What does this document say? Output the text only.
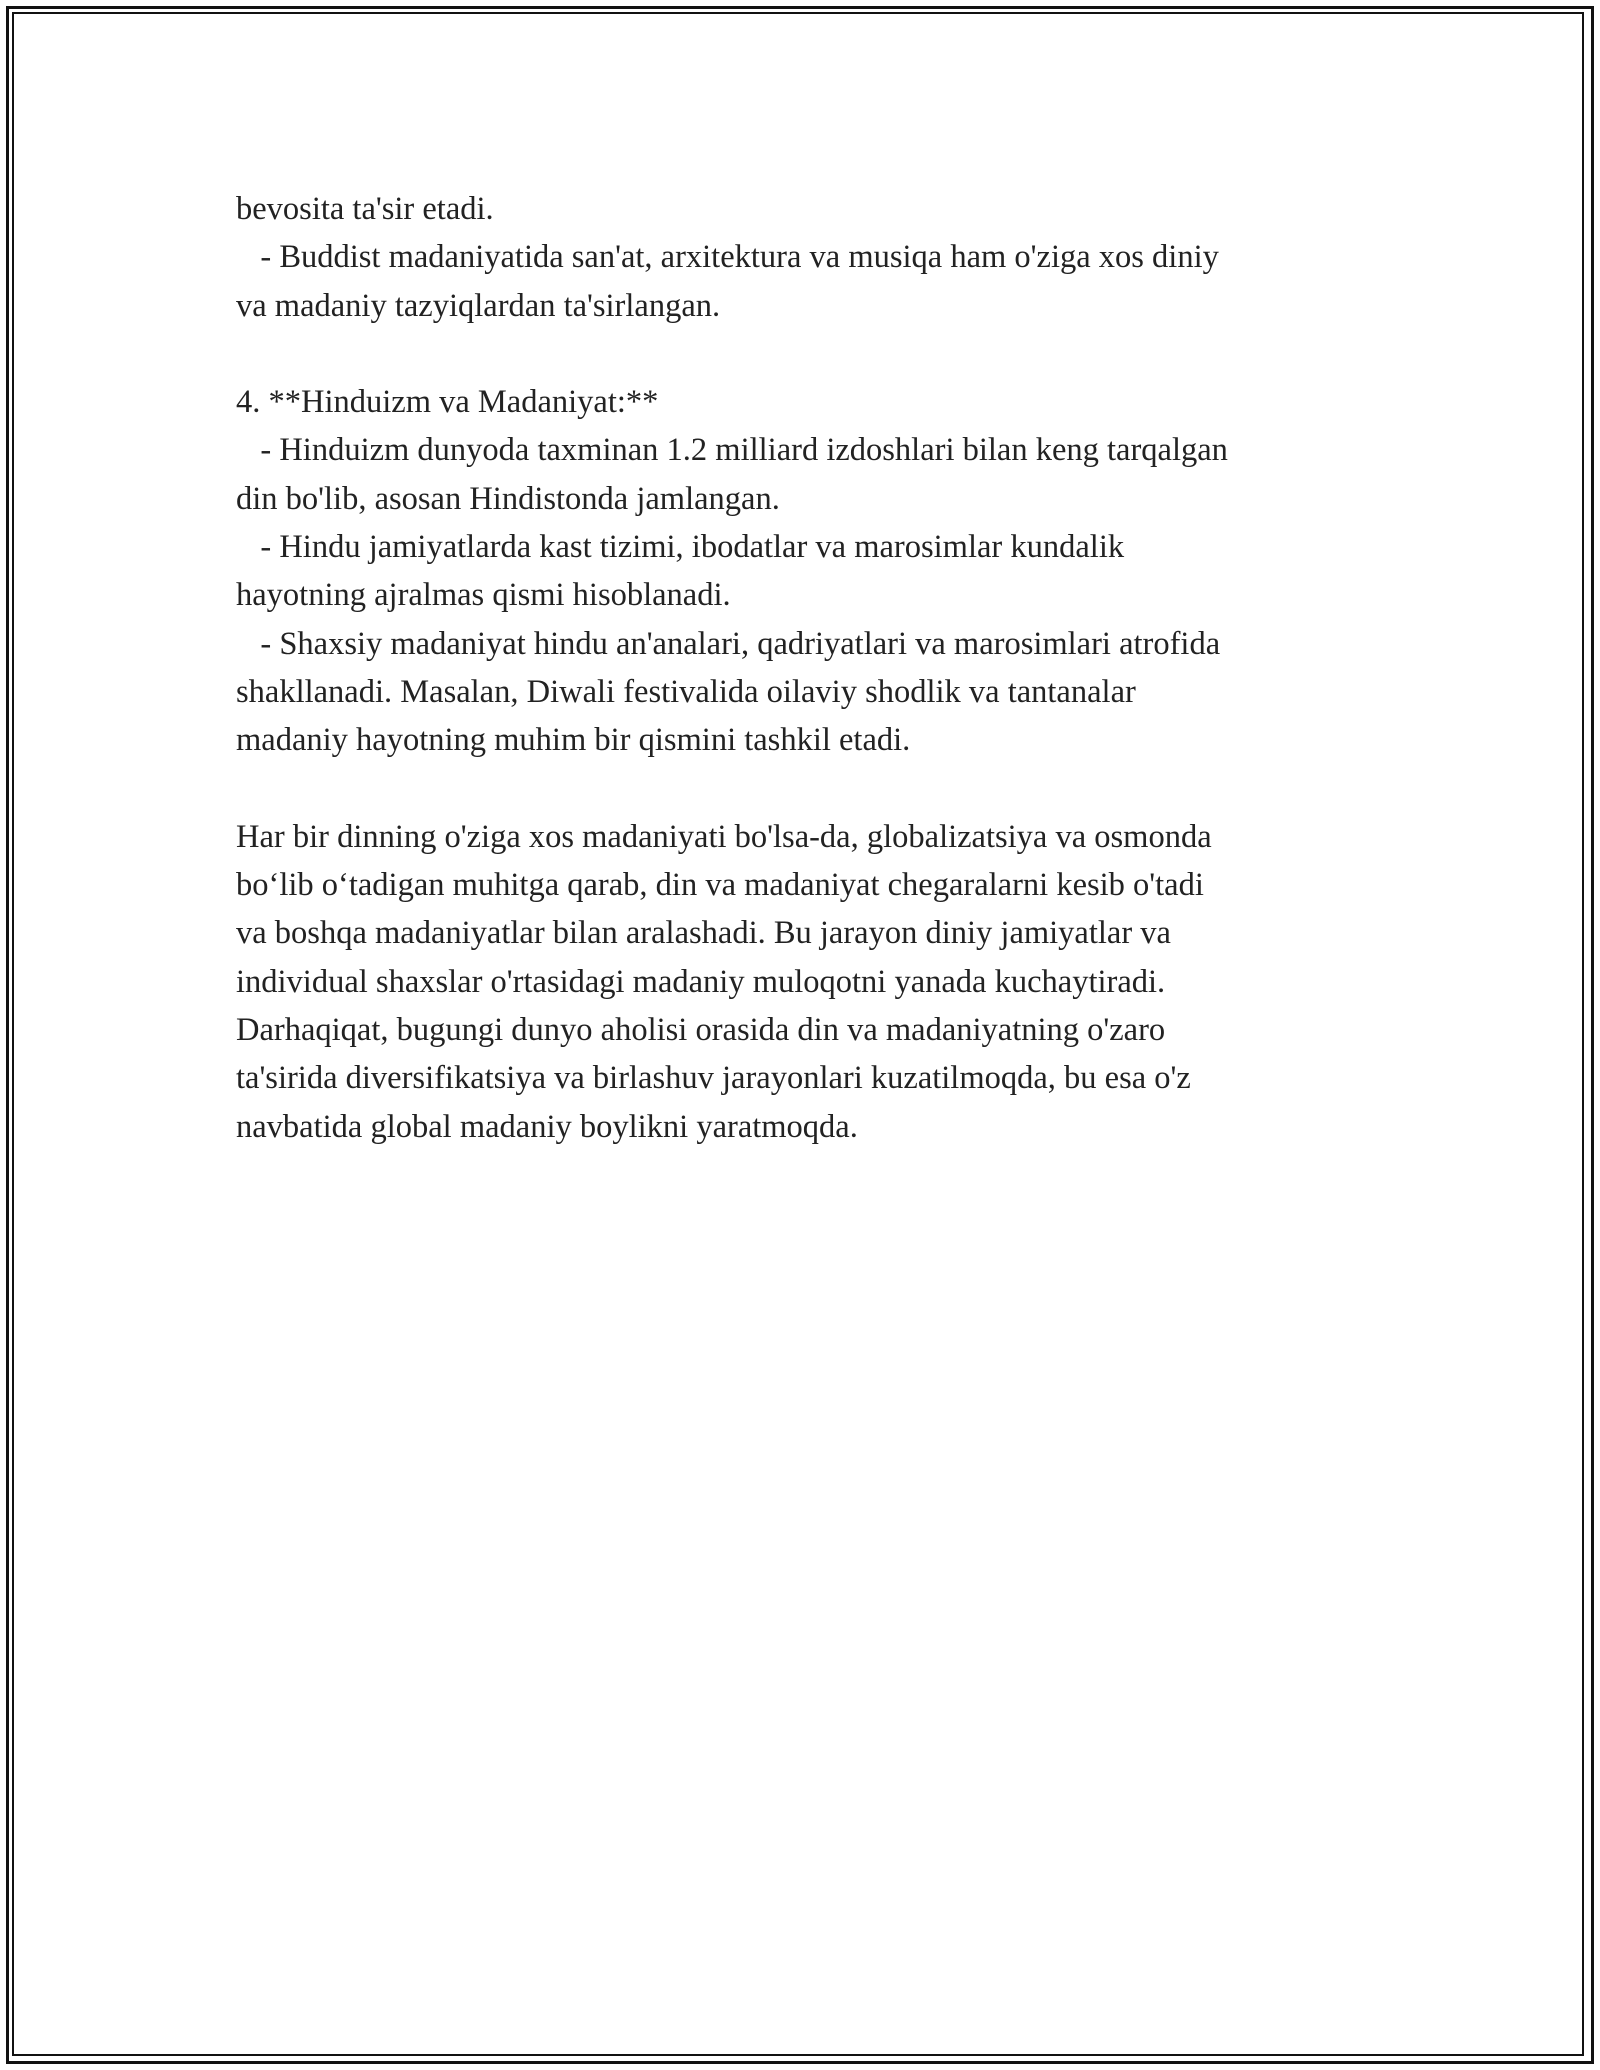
bevosita ta'sir etadi.
- Buddist madaniyatida san'at, arxitektura va musiqa ham o'ziga xos diniy
va madaniy tazyiqlardan ta'sirlangan.
4. **Hinduizm va Madaniyat:**
- Hinduizm dunyoda taxminan 1.2 milliard izdoshlari bilan keng tarqalgan
din bo'lib, asosan Hindistonda jamlangan.
- Hindu jamiyatlarda kast tizimi, ibodatlar va marosimlar kundalik
hayotning ajralmas qismi hisoblanadi.
- Shaxsiy madaniyat hindu an'analari, qadriyatlari va marosimlari atrofida
shakllanadi. Masalan, Diwali festivalida oilaviy shodlik va tantanalar
madaniy hayotning muhim bir qismini tashkil etadi.
Har bir dinning o'ziga xos madaniyati bo'lsa-da, globalizatsiya va osmonda
bo‘lib o‘tadigan muhitga qarab, din va madaniyat chegaralarni kesib o'tadi
va boshqa madaniyatlar bilan aralashadi. Bu jarayon diniy jamiyatlar va
individual shaxslar o'rtasidagi madaniy muloqotni yanada kuchaytiradi.
Darhaqiqat, bugungi dunyo aholisi orasida din va madaniyatning o'zaro
ta'sirida diversifikatsiya va birlashuv jarayonlari kuzatilmoqda, bu esa o'z
navbatida global madaniy boylikni yaratmoqda.
